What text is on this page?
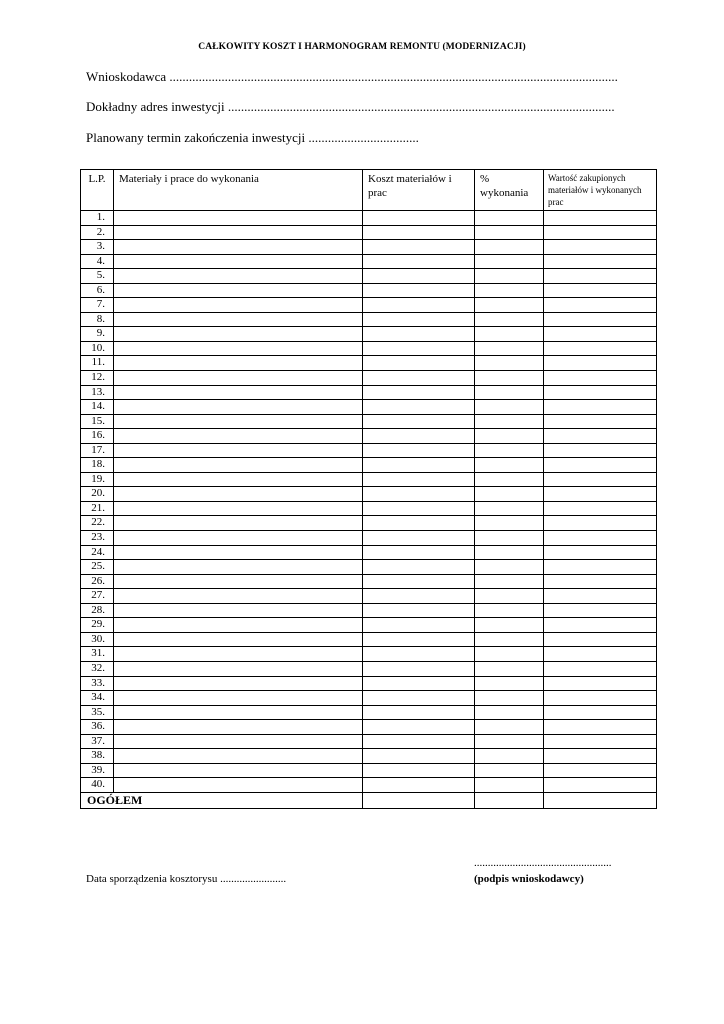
CAŁKOWITY KOSZT I HARMONOGRAM REMONTU (MODERNIZACJI)
Wnioskodawca ..........................................................................................................................................
Dokładny adres inwestycji .......................................................................................................................
Planowany termin zakończenia inwestycji ..................................
L.P.	Materiały i prace do wykonania	Koszt materiałów i prac	% wykonania	Wartość zakupionych materiałów i wykonanych prac
1.				
2.				
3.				
4.				
5.				
6.				
7.				
8.				
9.				
10.				
11.				
12.				
13.				
14.				
15.				
16.				
17.				
18.				
19.				
20.				
21.				
22.				
23.				
24.				
25.				
26.				
27.				
28.				
29.				
30.				
31.				
32.				
33.				
34.				
35.				
36.				
37.				
38.				
39.				
40.				
OGÓŁEM				
Data sporządzenia kosztorysu ........................
..................................................
(podpis wnioskodawcy)
